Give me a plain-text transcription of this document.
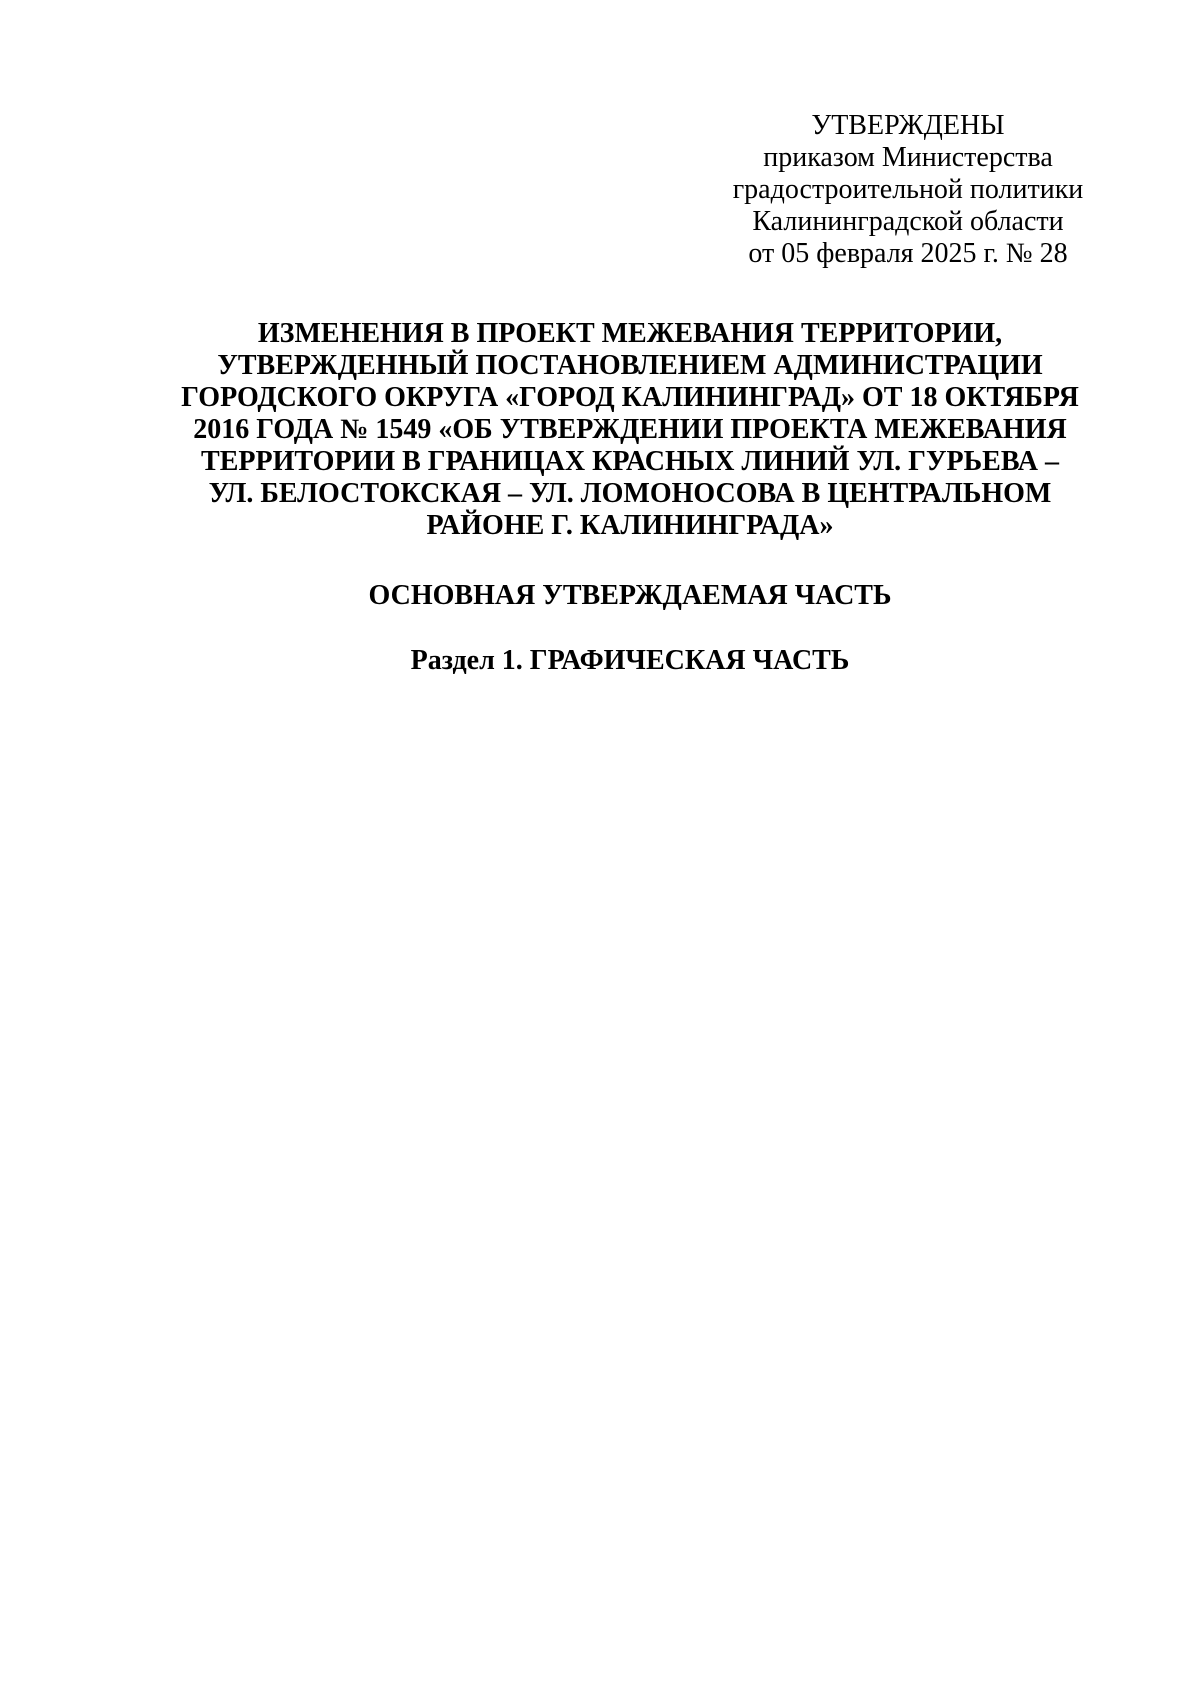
УТВЕРЖДЕНЫ
приказом Министерства
градостроительной политики
Калининградской области
от 05 февраля 2025 г. № 28
ИЗМЕНЕНИЯ В ПРОЕКТ МЕЖЕВАНИЯ ТЕРРИТОРИИ,
УТВЕРЖДЕННЫЙ ПОСТАНОВЛЕНИЕМ АДМИНИСТРАЦИИ
ГОРОДСКОГО ОКРУГА «ГОРОД КАЛИНИНГРАД» ОТ 18 ОКТЯБРЯ
2016 ГОДА № 1549 «ОБ УТВЕРЖДЕНИИ ПРОЕКТА МЕЖЕВАНИЯ
ТЕРРИТОРИИ В ГРАНИЦАХ КРАСНЫХ ЛИНИЙ УЛ. ГУРЬЕВА –
УЛ. БЕЛОСТОКСКАЯ – УЛ. ЛОМОНОСОВА В ЦЕНТРАЛЬНОМ
РАЙОНЕ Г. КАЛИНИНГРАДА»
ОСНОВНАЯ УТВЕРЖДАЕМАЯ ЧАСТЬ
Раздел 1. ГРАФИЧЕСКАЯ ЧАСТЬ
